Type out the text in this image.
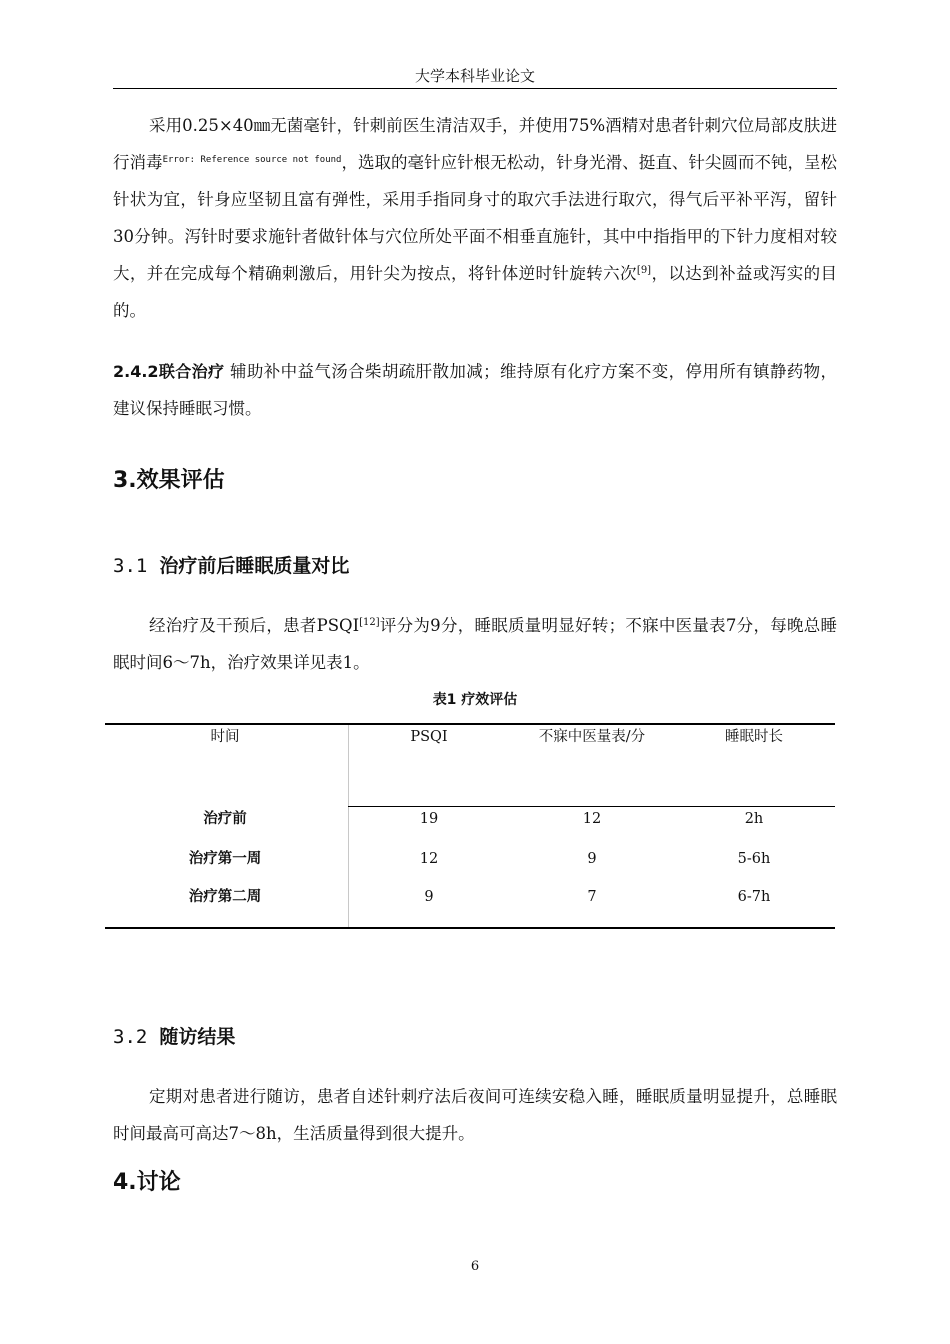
大学本科毕业论文

采用0.25×40㎜无菌毫针，针刺前医生清洁双手，并使用75%酒精对患者针刺穴位局部皮肤进行消毒$^{Error: Reference source not found}$，选取的毫针应针根无松动，针身光滑、挺直、针尖圆而不钝，呈松针状为宜，针身应坚韧且富有弹性，采用手指同身寸的取穴手法进行取穴，得气后平补平泻，留针30分钟。泻针时要求施针者做针体与穴位所处平面不相垂直施针，其中中指指甲的下针力度相对较大，并在完成每个精确刺激后，用针尖为按点，将针体逆时针旋转六次[9]，以达到补益或泻实的目的。

2.4.2联合治疗 辅助补中益气汤合柴胡疏肝散加减；维持原有化疗方案不变，停用所有镇静药物，建议保持睡眠习惯。

3.效果评估
3.1 治疗前后睡眠质量对比

经治疗及干预后，患者PSQI[12]评分为9分，睡眠质量明显好转；不寐中医量表7分，每晚总睡眠时间6～7h，治疗效果详见表1。

表1 疗效评估
时间	PSQI	不寐中医量表/分	睡眠时长
治疗前	19	12	2h
治疗第一周	12	9	5-6h
治疗第二周	9	7	6-7h
3.2 随访结果

定期对患者进行随访，患者自述针刺疗法后夜间可连续安稳入睡，睡眠质量明显提升，总睡眠时间最高可高达7～8h，生活质量得到很大提升。

4.讨论
6
